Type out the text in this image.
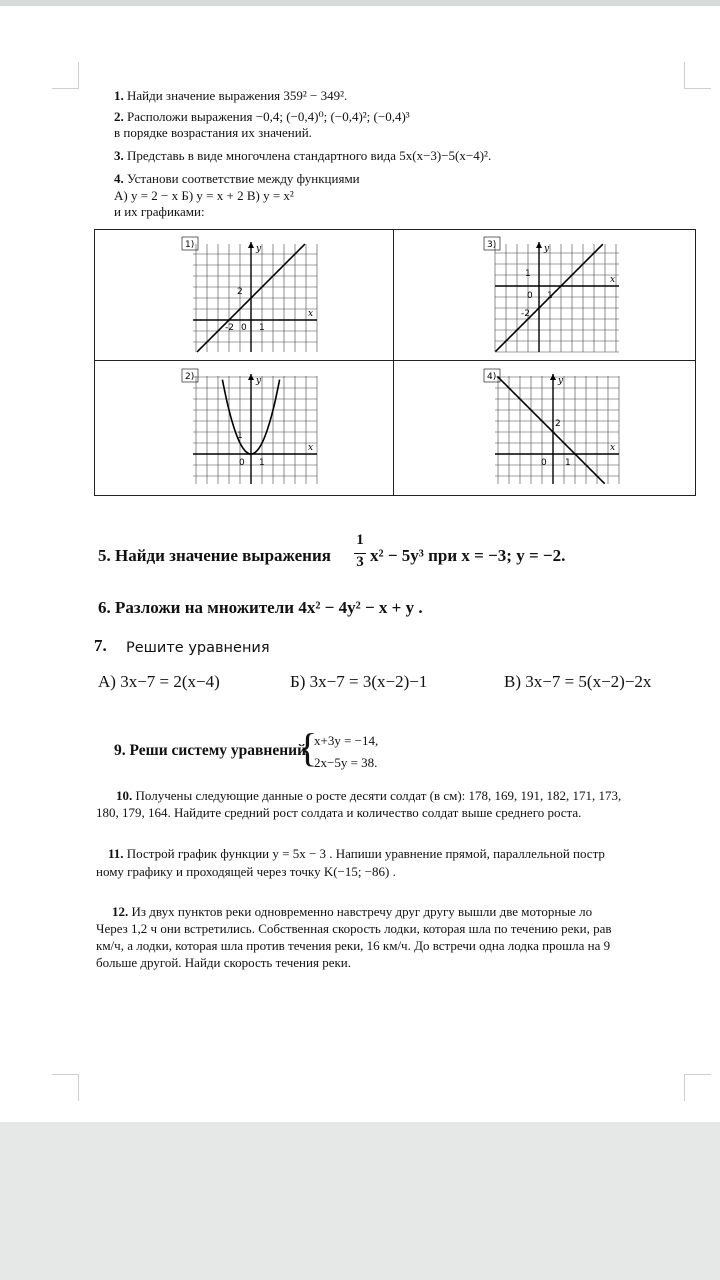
1. Найди значение выражения 359² − 349².
2. Расположи выражения −0,4; (−0,4)⁰; (−0,4)²; (−0,4)³
в порядке возрастания их значений.
3. Представь в виде многочлена стандартного вида 5x(x−3)−5(x−4)².
4. Установи соответствие между функциями
А) y = 2 − x Б) y = x + 2 В) y = x²
и их графиками:
1)	y
x
2
-2 0 1
3)	y
x
1
0 1
-2
2)	y
x
1
0 1
4)	y
x
2
0 1
5. Найди значение выражения
1
3 x² − 5y³ при x = −3; y = −2.
6. Разложи на множители 4x² − 4y² − x + y .
7. Решите уравнения
А) 3x−7 = 2(x−4)	Б) 3x−7 = 3(x−2)−1	В) 3x−7 = 5(x−2)−2x
9. Реши систему уравнений
{
x+3y = −14,
2x−5y = 38.
10. Получены следующие данные о росте десяти солдат (в см): 178, 169, 191, 182, 171, 173,
180, 179, 164. Найдите средний рост солдата и количество солдат выше среднего роста.
11. Построй график функции y = 5x − 3 . Напиши уравнение прямой, параллельной постр
ному графику и проходящей через точку K(−15; −86) .
12. Из двух пунктов реки одновременно навстречу друг другу вышли две моторные ло
Через 1,2 ч они встретились. Собственная скорость лодки, которая шла по течению реки, рав
км/ч, а лодки, которая шла против течения реки, 16 км/ч. До встречи одна лодка прошла на 9
больше другой. Найди скорость течения реки.
